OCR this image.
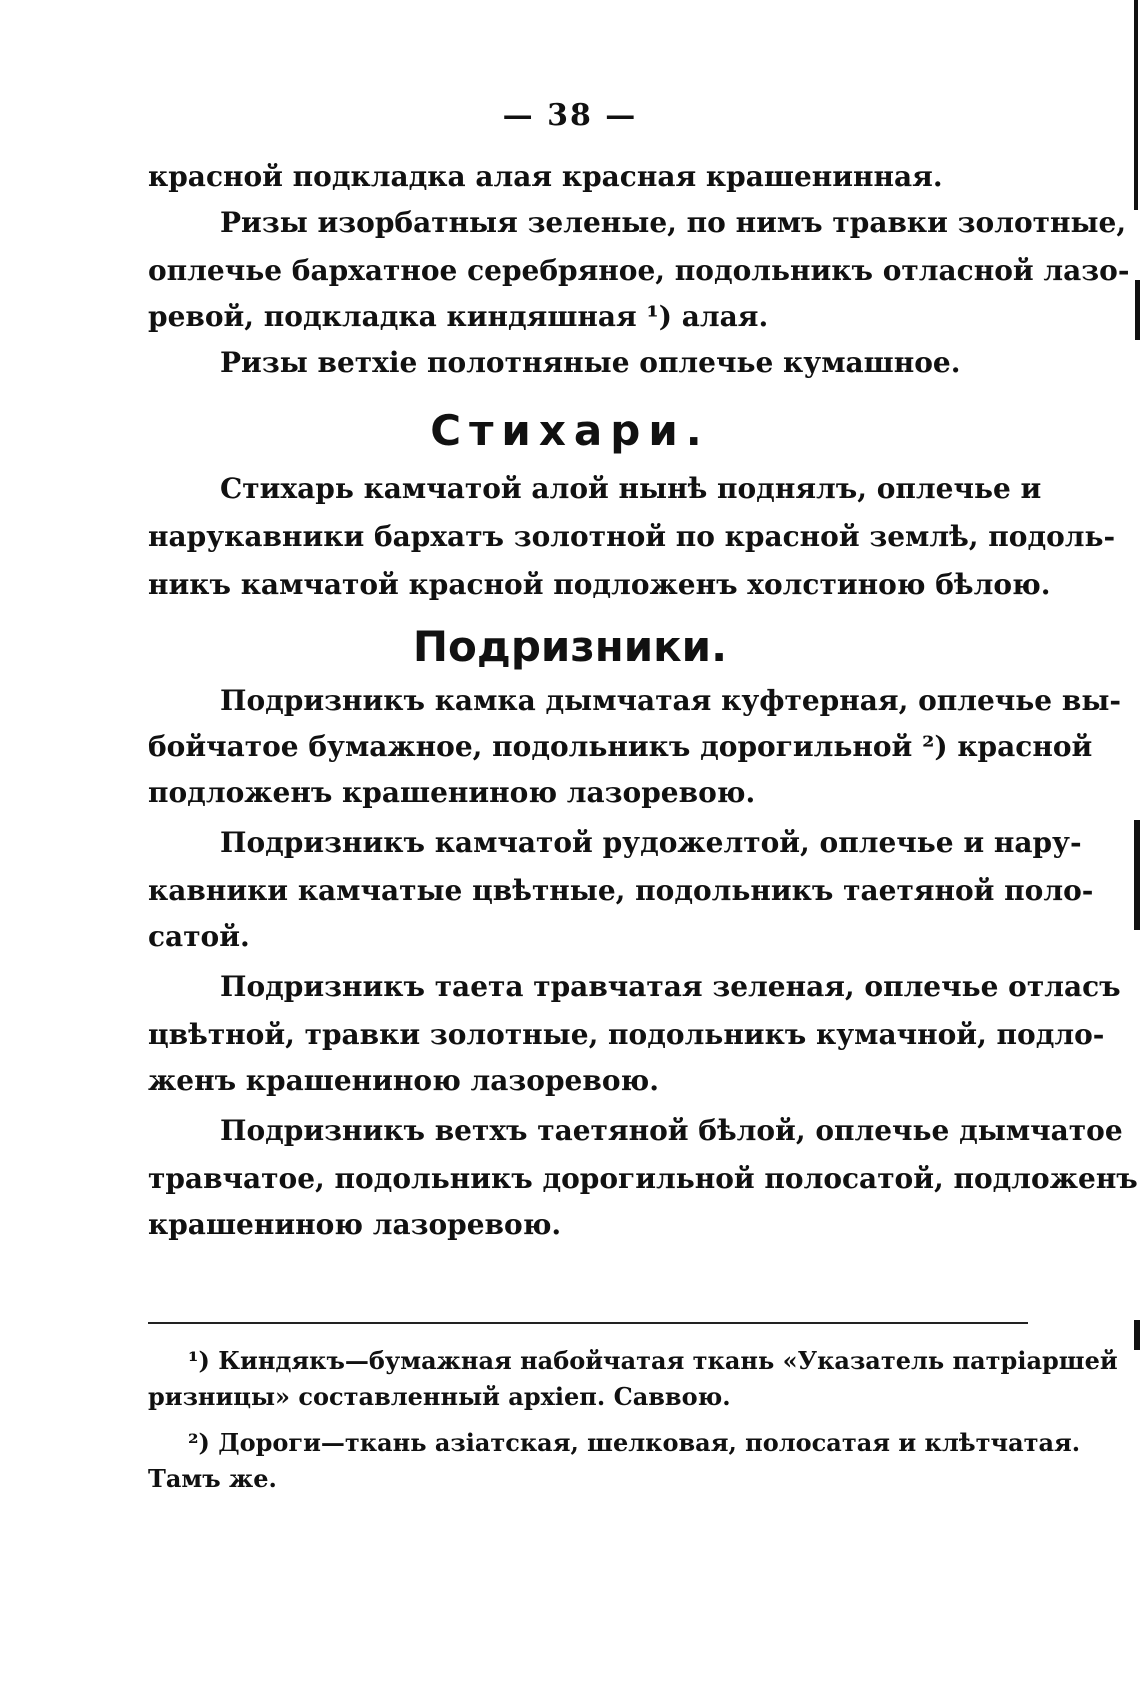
— 38 —
красной подкладка алая красная крашенинная.
Ризы изорбатныя зеленые, по нимъ травки золотные,
оплечье бархатное серебряное, подольникъ отласной лазо-
ревой, подкладка киндяшная ¹) алая.
Ризы ветхіе полотняные оплечье кумашное.
Стихари.
Стихарь камчатой алой нынѣ поднялъ, оплечье и
нарукавники бархатъ золотной по красной землѣ, подоль-
никъ камчатой красной подложенъ холстиною бѣлою.
Подризники.
Подризникъ камка дымчатая куфтерная, оплечье вы-
бойчатое бумажное, подольникъ дорогильной ²) красной
подложенъ крашениною лазоревою.
Подризникъ камчатой рудожелтой, оплечье и нару-
кавники камчатые цвѣтные, подольникъ таетяной поло-
сатой.
Подризникъ таета травчатая зеленая, оплечье отласъ
цвѣтной, травки золотные, подольникъ кумачной, подло-
женъ крашениною лазоревою.
Подризникъ ветхъ таетяной бѣлой, оплечье дымчатое
травчатое, подольникъ дорогильной полосатой, подложенъ
крашениною лазоревою.
¹) Киндякъ—бумажная набойчатая ткань «Указатель патріаршей
ризницы» составленный архіеп. Саввою.
²) Дороги—ткань азіатская, шелковая, полосатая и клѣтчатая.
Тамъ же.
